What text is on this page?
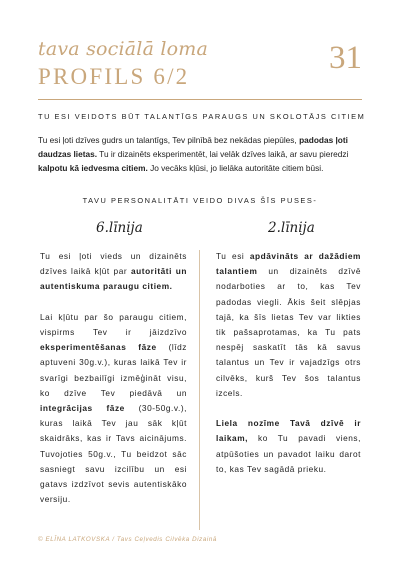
tava sociālā loma
PROFILS 6/2
31
TU ESI VEIDOTS BŪT TALANTĪGS PARAUGS UN SKOLOTĀJS CITIEM
Tu esi ļoti dzīves gudrs un talantīgs, Tev pilnībā bez nekādas piepūles, padodas ļoti daudzas lietas. Tu ir dizainēts eksperimentēt, lai velāk dzīves laikā, ar savu pieredzi kalpotu kā iedvesma citiem. Jo vecāks kļūsi, jo lielāka autoritāte citiem būsi.
TAVU PERSONALITĀTI VEIDO DIVAS ŠĪS PUSES-
6.līnija	2.līnija

Tu esi ļoti vieds un dizainēts dzīves laikā kļūt par autoritāti un autentiskuma paraugu citiem.

Lai kļūtu par šo paraugu citiem, vispirms Tev ir jāizdzīvo eksperimentēšanas fāze (līdz aptuveni 30g.v.), kuras laikā Tev ir svarīgi bezbailīgi izmēģināt visu, ko dzīve Tev piedāvā un integrācijas fāze (30-50g.v.), kuras laikā Tev jau sāk kļūt skaidrāks, kas ir Tavs aicinājums. Tuvojoties 50g.v., Tu beidzot sāc sasniegt savu izcilību un esi gatavs izdzīvot sevis autentiskāko versiju.

Tu esi apdāvināts ar dažādiem talantiem un dizainēts dzīvē nodarboties ar to, kas Tev padodas viegli. Ākis šeit slēpjas tajā, ka šīs lietas Tev var likties tik pašsaprotamas, ka Tu pats nespēj saskatīt tās kā savus talantus un Tev ir vajadzīgs otrs cilvēks, kurš Tev šos talantus izcels.

Liela nozīme Tavā dzīvē ir laikam, ko Tu pavadi viens, atpūšoties un pavadot laiku darot to, kas Tev sagādā prieku.

© ELĪNA LATKOVSKA / Tavs Ceļvedis Cilvēka Dizainā
